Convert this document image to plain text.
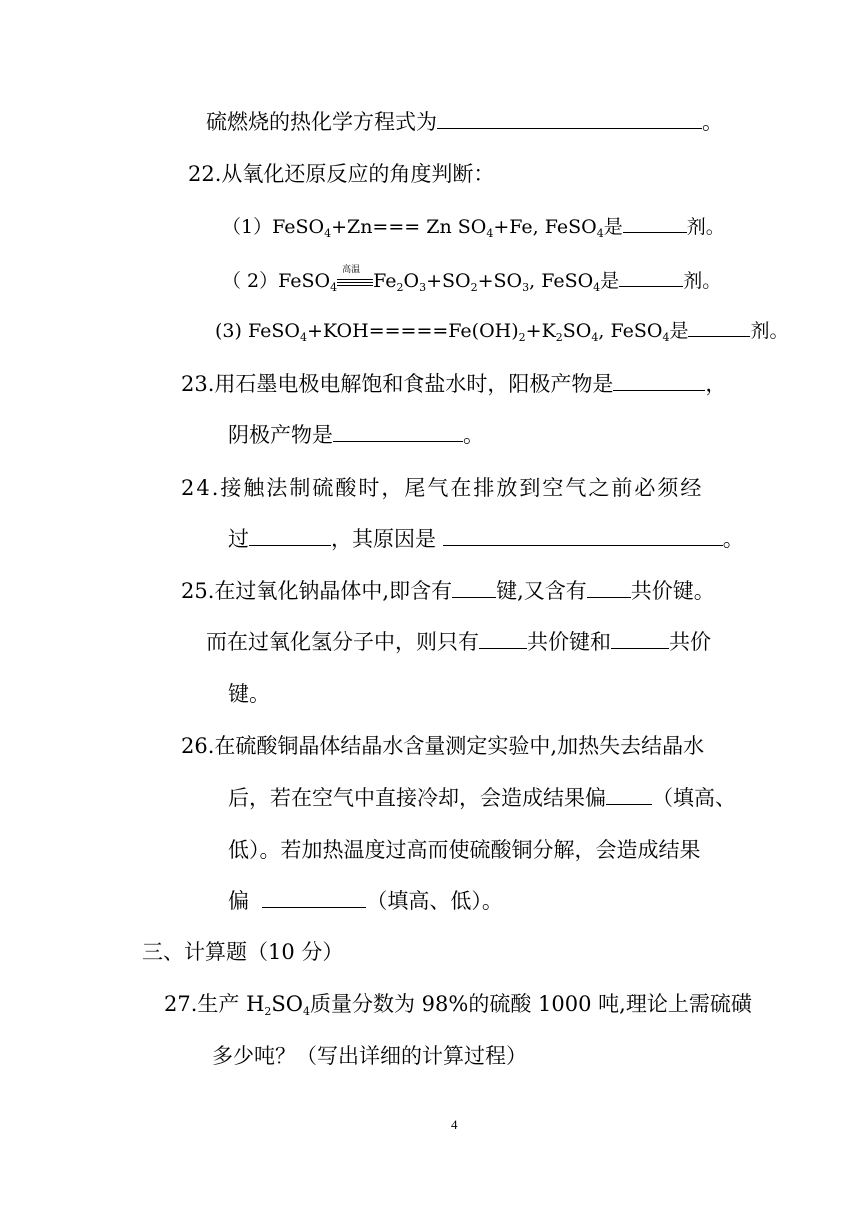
硫燃烧的热化学方程式为	。
22.从氧化还原反应的角度判断：
（1）FeSO$_4$+Zn=== Zn $SO_4+Fe$, FeSO$_4$是	剂。
（ 2）FeSO$_4$
高温 $Fe_2O_3+SO_2+SO_3$, FeSO$_4$是	剂。
(3) $FeSO_4+KOH=====Fe(OH)_2+K_2SO_4$, FeSO$_4$是	剂。
23.用石墨电极电解饱和食盐水时，阳极产物是	，
阴极产物是	。
24.接触法制硫酸时，尾气在排放到空气之前必须经
过	，其原因是	。
25.在过氧化钠晶体中,即含有 键,又含有 共价键。
而在过氧化氢分子中，则只有 共价键和	共价
键。
26.在硫酸铜晶体结晶水含量测定实验中,加热失去结晶水
后，若在空气中直接冷却，会造成结果偏 （填高、
低）。若加热温度过高而使硫酸铜分解，会造成结果
偏	（填高、低）。
三、计算题（10 分）
27.生产 $H_2SO_4$质量分数为 98%的硫酸 1000 吨,理论上需硫磺
多少吨？（写出详细的计算过程）
4
